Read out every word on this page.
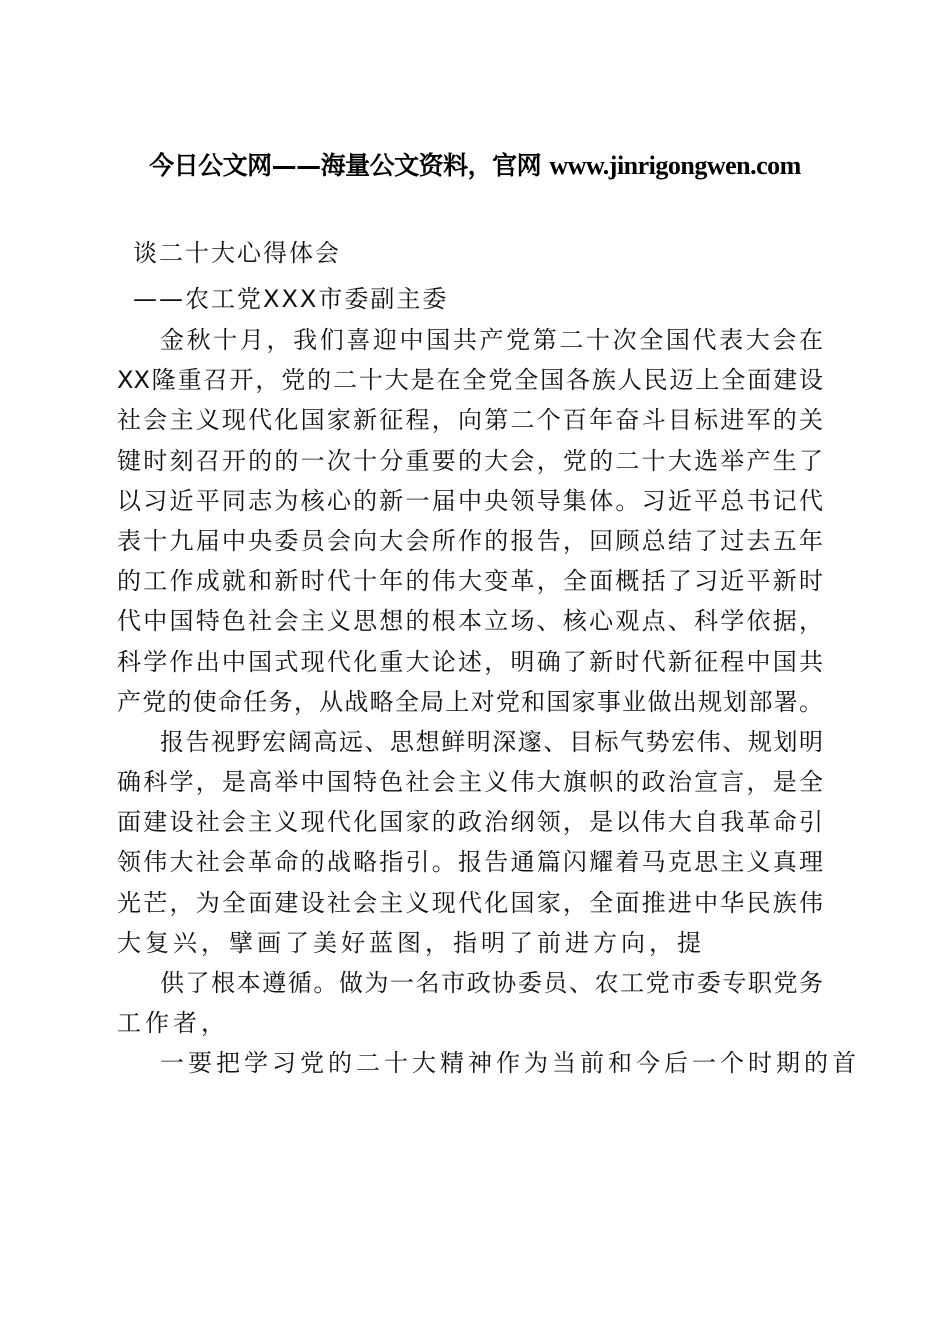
今日公文网——海量公文资料，官网 www.jinrigongwen.com
谈二十大心得体会
——农工党XXX市委副主委
金秋十月，我们喜迎中国共产党第二十次全国代表大会在
XX隆重召开，党的二十大是在全党全国各族人民迈上全面建设
社会主义现代化国家新征程，向第二个百年奋斗目标进军的关
键时刻召开的的一次十分重要的大会，党的二十大选举产生了
以习近平同志为核心的新一届中央领导集体。习近平总书记代
表十九届中央委员会向大会所作的报告，回顾总结了过去五年
的工作成就和新时代十年的伟大变革，全面概括了习近平新时
代中国特色社会主义思想的根本立场、核心观点、科学依据，
科学作出中国式现代化重大论述，明确了新时代新征程中国共
产党的使命任务，从战略全局上对党和国家事业做出规划部署。
报告视野宏阔高远、思想鲜明深邃、目标气势宏伟、规划明
确科学，是高举中国特色社会主义伟大旗帜的政治宣言，是全
面建设社会主义现代化国家的政治纲领，是以伟大自我革命引
领伟大社会革命的战略指引。报告通篇闪耀着马克思主义真理
光芒，为全面建设社会主义现代化国家，全面推进中华民族伟
大复兴，擘画了美好蓝图，指明了前进方向，提
供了根本遵循。做为一名市政协委员、农工党市委专职党务
工作者，
一要把学习党的二十大精神作为当前和今后一个时期的首
